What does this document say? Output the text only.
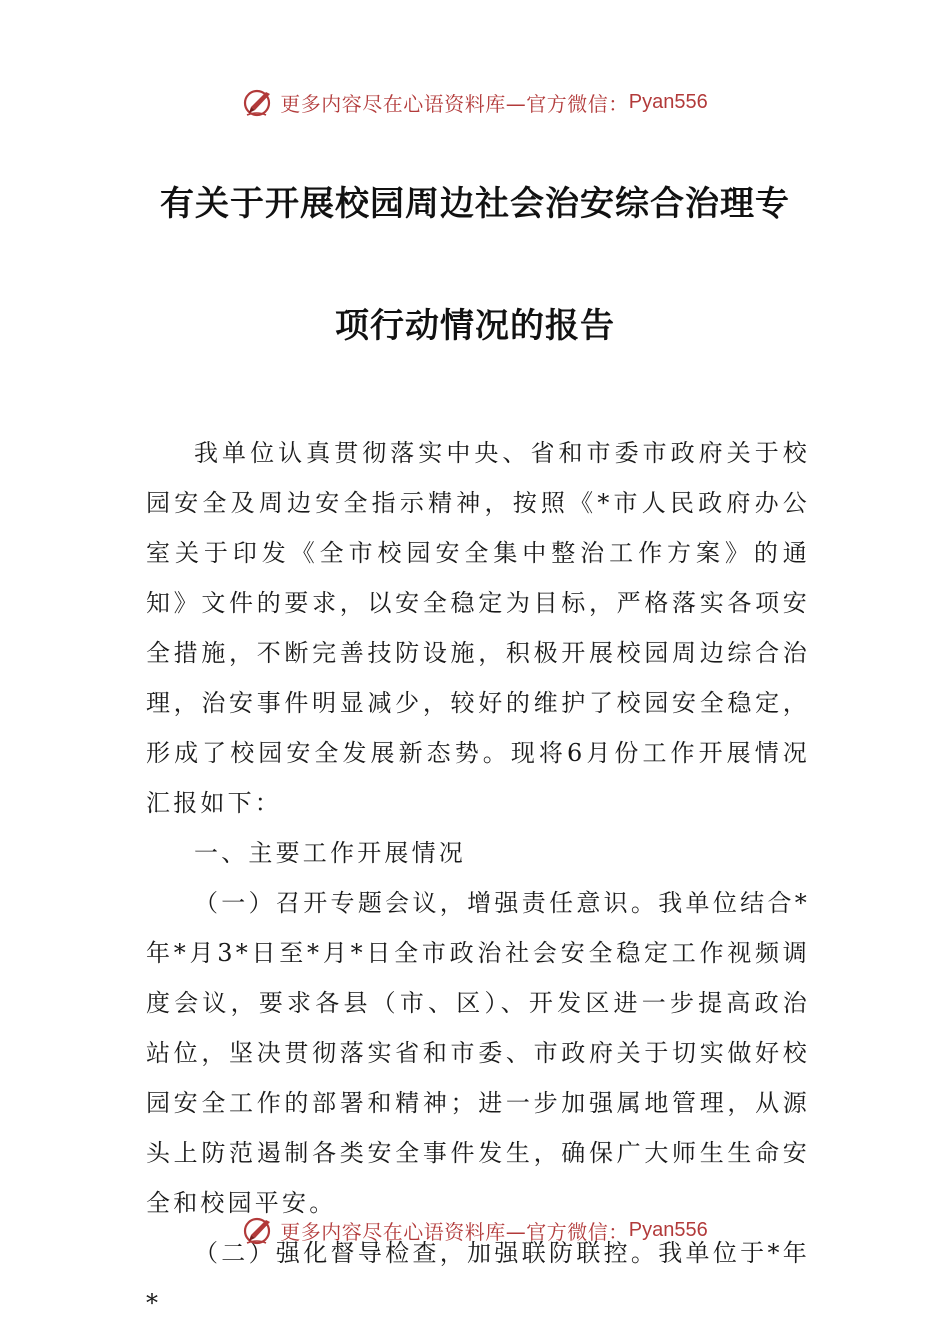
更多内容尽在心语资料库—官方微信： Pyan556
有关于开展校园周边社会治安综合治理专
项行动情况的报告

我单位认真贯彻落实中央、省和市委市政府关于校园安全及周边安全指示精神，按照《*市人民政府办公室关于印发《全市校园安全集中整治工作方案》的通知》文件的要求，以安全稳定为目标，严格落实各项安全措施，不断完善技防设施，积极开展校园周边综合治理，治安事件明显减少，较好的维护了校园安全稳定，形成了校园安全发展新态势。现将6月份工作开展情况汇报如下：

一、主要工作开展情况

（一）召开专题会议，增强责任意识。我单位结合*年*月3*日至*月*日全市政治社会安全稳定工作视频调度会议，要求各县（市、区）、开发区进一步提高政治站位，坚决贯彻落实省和市委、市政府关于切实做好校园安全工作的部署和精神；进一步加强属地管理，从源头上防范遏制各类安全事件发生，确保广大师生生命安全和校园平安。

（二）强化督导检查，加强联防联控。我单位于*年*

更多内容尽在心语资料库—官方微信： Pyan556
